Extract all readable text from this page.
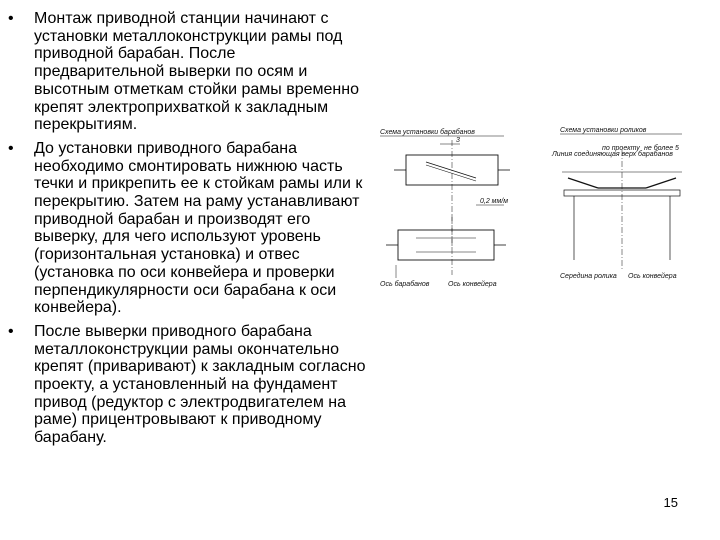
• Монтаж приводной станции начинают с установки металлоконструкции рамы под приводной барабан. После предварительной выверки по осям и высотным отметкам стойки рамы временно крепят электроприхваткой к закладным перекрытиям.
• До установки приводного барабана необходимо смонтировать нижнюю часть течки и прикрепить ее к стойкам рамы или к перекрытию. Затем на раму устанавливают приводной барабан и производят его выверку, для чего используют уровень (горизонтальная установка) и отвес (установка по оси конвейера и проверки перпендикулярности оси барабана к оси конвейера).
• После выверки приводного барабана металлоконструкции рамы окончательно крепят (приваривают) к закладным согласно проекту, а установленный на фундамент привод (редуктор с электродвигателем на раме) прицентровывают к приводному барабану.
Схема установки барабанов	Схема установки роликов
3
0,2 мм/м
Ось барабанов	Ось конвейера
Линия соединяющая верх барабанов
по проекту не более 5
Середина ролика Ось конвейера
15
